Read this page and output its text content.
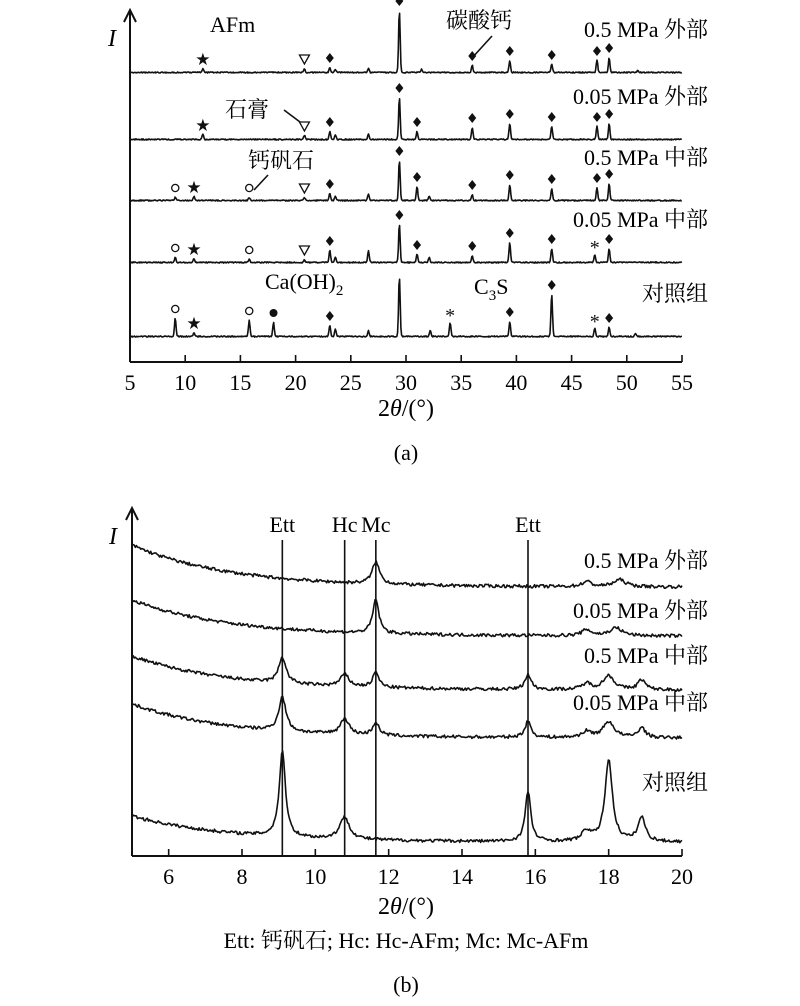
I
5 10 15 20 25 30 35 40 45 50 55
★
★
★
★	*
★	*	*
0.5 MPa 外部
0.05 MPa 外部
0.5 MPa 中部
0.05 MPa 中部
对照组
AFm	碳酸钙
石膏
钙矾石
$Ca(OH)_2$	$C_3S$
2θ/(°)
(a)
I
6	8	10 12 14 16 18 20
Ett Hc Mc	Ett
0.5 MPa 外部
0.05 MPa 外部
0.5 MPa 中部
0.05 MPa 中部
对照组
2θ/(°)
Ett: 钙矾石; Hc: Hc-AFm; Mc: Mc-AFm
(b)
